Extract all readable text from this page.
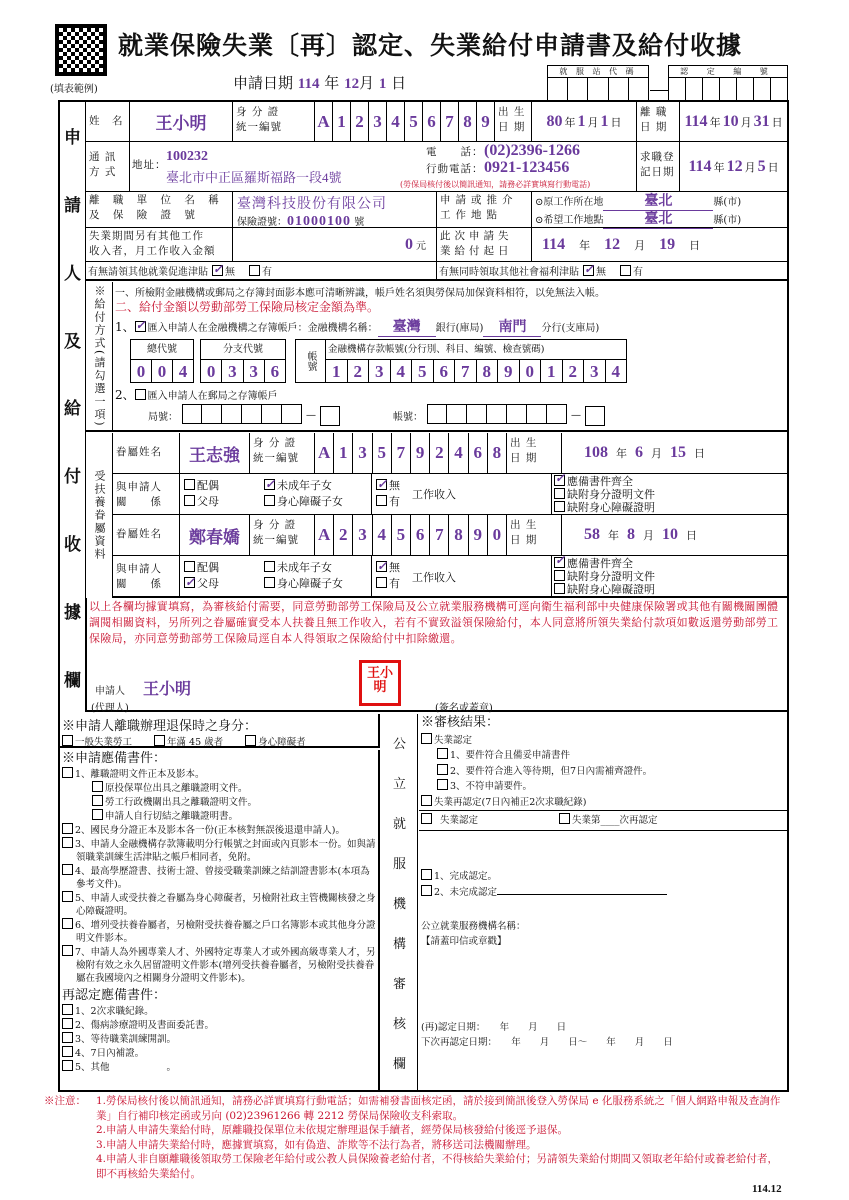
(填表範例)
就業保險失業〔再〕認定、失業給付申請書及給付收據
申請日期 114 年 12月 1 日
就 服 站 代 碼	認 定 編 號
申
請
人
及
給
付
收
據
欄
姓　名	王小明
身 分 證
統一編號	A 1 2 3 4 5 6 7 8 9 出 生
日 期	80 年 1 月 1 日
離 職
日 期	114 年 10 月 31 日
通 訊
方 式
地址：
100232
臺北市中正區羅斯福路一段4號
電　　話： (02)2396-1266
行動電話： 0921-123456
(勞保局核付後以簡訊通知，請務必詳實填寫行動電話)
求職登
記日期 114 年 12 月 5 日
離 職 單 位 名 稱
及 保 險 證 號
臺灣科技股份有限公司
保險證號：01000100 號
申請或推介
工作地點
⊙原工作所在地	臺北	縣(市)
⊙希望工作地點	臺北	縣(市)
失業期間另有其他工作
收入者，月工作收入金額	0 元
此次申請失
業給付起日	114 年 12 月 19 日
有無請領其他就業促進津貼 ✓	無	有	有無同時領取其他社會福利津貼 ✓	無	有
※給付方式(請勾選一項) 一、所檢附金融機構或郵局之存簿封面影本應可清晰辨識，帳戶姓名須與勞保局加保資料相符，以免無法入帳。
二、給付金額以勞動部勞工保險局核定金額為準。
1、 ✓ 匯入申請人在金融機構之存簿帳戶：金融機構名稱： 臺灣 銀行(庫局) 南門 分行(支庫局)
總代號
0 0 4
分支代號
0 3 3 6	帳號
金融機構存款帳號(分行別、科目、編號、檢查號碼)
1 2 3 4 5 6 7 8 9 0 1 2 3 4
2、 匯入申請人在郵局之存簿帳戶
局號：	—	帳號：	—
受扶養眷屬資料
眷屬姓名	王志強
身 分 證
統一編號	A 1 3 5 7 9 2 4 6 8 出 生
日 期	108 年 6 月 15 日
與申請人
關　　係
配偶
父母
✓未成年子女
身心障礙子女
✓無
有
工作收入
✓應備書件齊全
缺附身分證明文件
缺附身心障礙證明
眷屬姓名	鄭春嬌
身 分 證
統一編號	A 2 3 4 5 6 7 8 9 0 出 生
日 期	58 年 8 月 10 日
與申請人
關　　係
配偶
✓父母
未成年子女
身心障礙子女
✓無
有	工作收入
✓應備書件齊全
缺附身分證明文件
缺附身心障礙證明
以上各欄均據實填寫，為審核給付需要，同意勞動部勞工保險局及公立就業服務機構可逕向衛生福利部中央健康保險署或其他有關機關團體調閱相關資料，另所列之眷屬確實受本人扶養且無工作收入，若有不實致溢領保險給付，本人同意將所領失業給付款項如數返還勞動部勞工保險局，亦同意勞動部勞工保險局逕自本人得領取之保險給付中扣除繳還。
申請人 王小明
(代理人)
王小明
(簽名或蓋章)
※申請人離職辦理退保時之身分：
一般失業勞工	年滿 45 歲者	身心障礙者
※申請應備書件：
1、離職證明文件正本及影本。
原投保單位出具之離職證明文件。
勞工行政機關出具之離職證明文件。
申請人自行切結之離職證明書。
2、國民身分證正本及影本各一份(正本核對無誤後退還申請人)。
3、申請人金融機構存款簿載明分行帳號之封面或內頁影本一份。如與請領職業訓練生活津貼之帳戶相同者，免附。
4、最高學歷證書、技術士證、曾接受職業訓練之結訓證書影本(本項為參考文件)。
5、申請人或受扶養之眷屬為身心障礙者，另檢附社政主管機關核發之身心障礙證明。
6、增列受扶養眷屬者，另檢附受扶養眷屬之戶口名簿影本或其他身分證明文件影本。
7、申請人為外國專業人才、外國特定專業人才或外國高級專業人才，另檢附有效之永久居留證明文件影本(增列受扶養眷屬者，另檢附受扶養眷屬在我國境內之相關身分證明文件影本)。
再認定應備書件：
1、2次求職紀錄。
2、傷病診療證明及書面委託書。
3、等待職業訓練開訓。
4、7日內補證。
5、其他　　　　　　。
公
立
就
服
機
構
審
核
欄
※審核結果：
失業認定
1、要件符合且備妥申請書件
2、要件符合進入等待期，但7日內需補齊證件。
3、不符申請要件。
失業再認定(7日內補正2次求職紀錄)
失業認定	失業第____次再認定
1、完成認定。
2、未完成認定
公立就業服務機構名稱：
【請蓋印信或章戳】
(再)認定日期：　　年　　月　　日
下次再認定日期：　　年　　月　　日～　　年　　月　　日
※注意： 1.勞保局核付後以簡訊通知，請務必詳實填寫行動電話；如需補發書面核定函，請於接到簡訊後登入勞保局 e 化服務系統之「個人網路申報及查詢作業」自行補印核定函或另向 (02)23961266 轉 2212 勞保局保險收支科索取。
2.申請人申請失業給付時，原離職投保單位未依規定辦理退保手續者，經勞保局核發給付後逕予退保。
3.申請人申請失業給付時，應據實填寫，如有偽造、詐欺等不法行為者，將移送司法機關辦理。
4.申請人非自願離職後領取勞工保險老年給付或公教人員保險養老給付者，不得核給失業給付；另請領失業給付期間又領取老年給付或養老給付者，即不再核給失業給付。
114.12
